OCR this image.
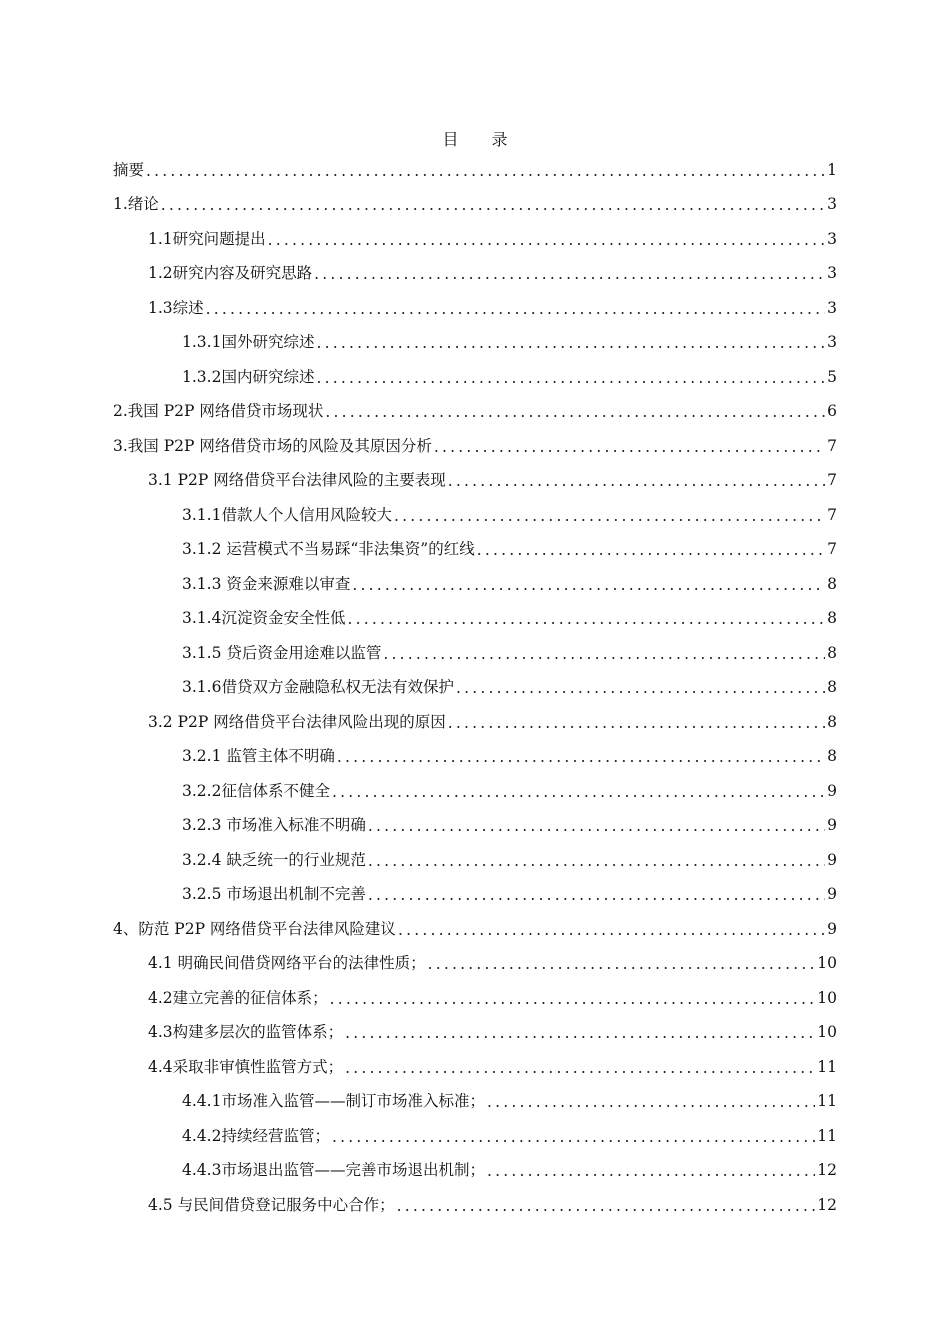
目 录
摘要 .....	1
1.绪论 .....	3
1.1研究问题提出 .....	3
1.2研究内容及研究思路 .....	3
1.3综述 .....	3
1.3.1国外研究综述 .....	3
1.3.2国内研究综述 .....	5
2.我国 P2P 网络借贷市场现状 .....	6
3.我国 P2P 网络借贷市场的风险及其原因分析 .....	7
3.1 P2P 网络借贷平台法律风险的主要表现 .....	7
3.1.1借款人个人信用风险较大 .....	7
3.1.2 运营模式不当易踩“非法集资”的红线 .....	7
3.1.3 资金来源难以审查 .....	8
3.1.4沉淀资金安全性低 .....	8
3.1.5 贷后资金用途难以监管 .....	8
3.1.6借贷双方金融隐私权无法有效保护 .....	8
3.2 P2P 网络借贷平台法律风险出现的原因 .....	8
3.2.1 监管主体不明确 .....	8
3.2.2征信体系不健全 .....	9
3.2.3 市场准入标准不明确 .....	9
3.2.4 缺乏统一的行业规范 .....	9
3.2.5 市场退出机制不完善 .....	9
4、防范 P2P 网络借贷平台法律风险建议 .....	9
4.1 明确民间借贷网络平台的法律性质； .....	10
4.2建立完善的征信体系； .....	10
4.3构建多层次的监管体系； .....	10
4.4采取非审慎性监管方式； .....	11
4.4.1市场准入监管——制订市场准入标准； .....	11
4.4.2持续经营监管； .....	11
4.4.3市场退出监管——完善市场退出机制； .....	12
4.5 与民间借贷登记服务中心合作； .....	12
